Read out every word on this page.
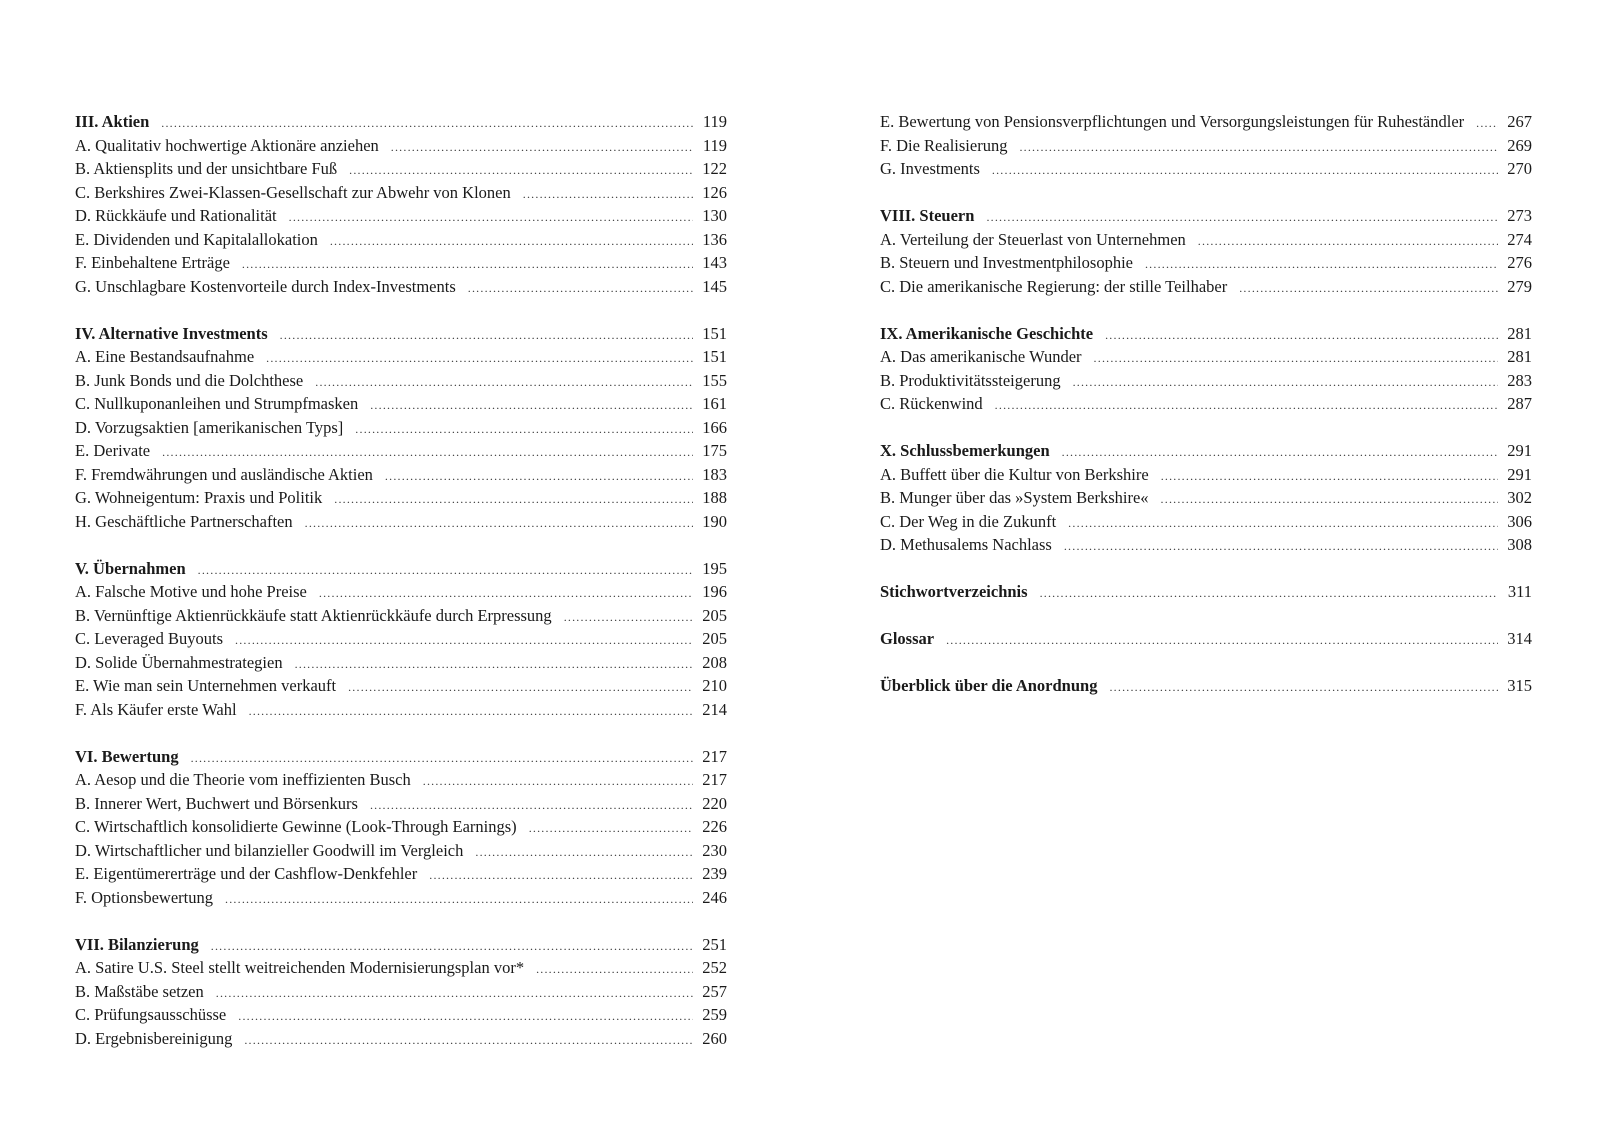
III. Aktien .....	119
A. Qualitativ hochwertige Aktionäre anziehen .....	119
B. Aktiensplits und der unsichtbare Fuß .....	122
C. Berkshires Zwei-Klassen-Gesellschaft zur Abwehr von Klonen .....	126
D. Rückkäufe und Rationalität .....	130
E. Dividenden und Kapitalallokation .....	136
F. Einbehaltene Erträge .....	143
G. Unschlagbare Kostenvorteile durch Index-Investments .....	145
IV. Alternative Investments .....	151
A. Eine Bestandsaufnahme .....	151
B. Junk Bonds und die Dolchthese .....	155
C. Nullkuponanleihen und Strumpfmasken .....	161
D. Vorzugsaktien [amerikanischen Typs] .....	166
E. Derivate .....	175
F. Fremdwährungen und ausländische Aktien .....	183
G. Wohneigentum: Praxis und Politik .....	188
H. Geschäftliche Partnerschaften .....	190
V. Übernahmen .....	195
A. Falsche Motive und hohe Preise .....	196
B. Vernünftige Aktienrückkäufe statt Aktienrückkäufe durch Erpressung .....	205
C. Leveraged Buyouts .....	205
D. Solide Übernahmestrategien .....	208
E. Wie man sein Unternehmen verkauft .....	210
F. Als Käufer erste Wahl .....	214
VI. Bewertung .....	217
A. Aesop und die Theorie vom ineffizienten Busch .....	217
B. Innerer Wert, Buchwert und Börsenkurs .....	220
C. Wirtschaftlich konsolidierte Gewinne (Look-Through Earnings) .....	226
D. Wirtschaftlicher und bilanzieller Goodwill im Vergleich .....	230
E. Eigentümererträge und der Cashflow-Denkfehler .....	239
F. Optionsbewertung .....	246
VII. Bilanzierung .....	251
A. Satire U.S. Steel stellt weitreichenden Modernisierungsplan vor* .....	252
B. Maßstäbe setzen .....	257
C. Prüfungsausschüsse .....	259
D. Ergebnisbereinigung .....	260
E. Bewertung von Pensionsverpflichtungen und Versorgungsleistungen für Ruheständler .....	267
F. Die Realisierung .....	269
G. Investments .....	270
VIII. Steuern .....	273
A. Verteilung der Steuerlast von Unternehmen .....	274
B. Steuern und Investmentphilosophie .....	276
C. Die amerikanische Regierung: der stille Teilhaber .....	279
IX. Amerikanische Geschichte .....	281
A. Das amerikanische Wunder .....	281
B. Produktivitätssteigerung .....	283
C. Rückenwind .....	287
X. Schlussbemerkungen .....	291
A. Buffett über die Kultur von Berkshire .....	291
B. Munger über das »System Berkshire« .....	302
C. Der Weg in die Zukunft .....	306
D. Methusalems Nachlass .....	308
Stichwortverzeichnis .....	311
Glossar .....	314
Überblick über die Anordnung .....	315
